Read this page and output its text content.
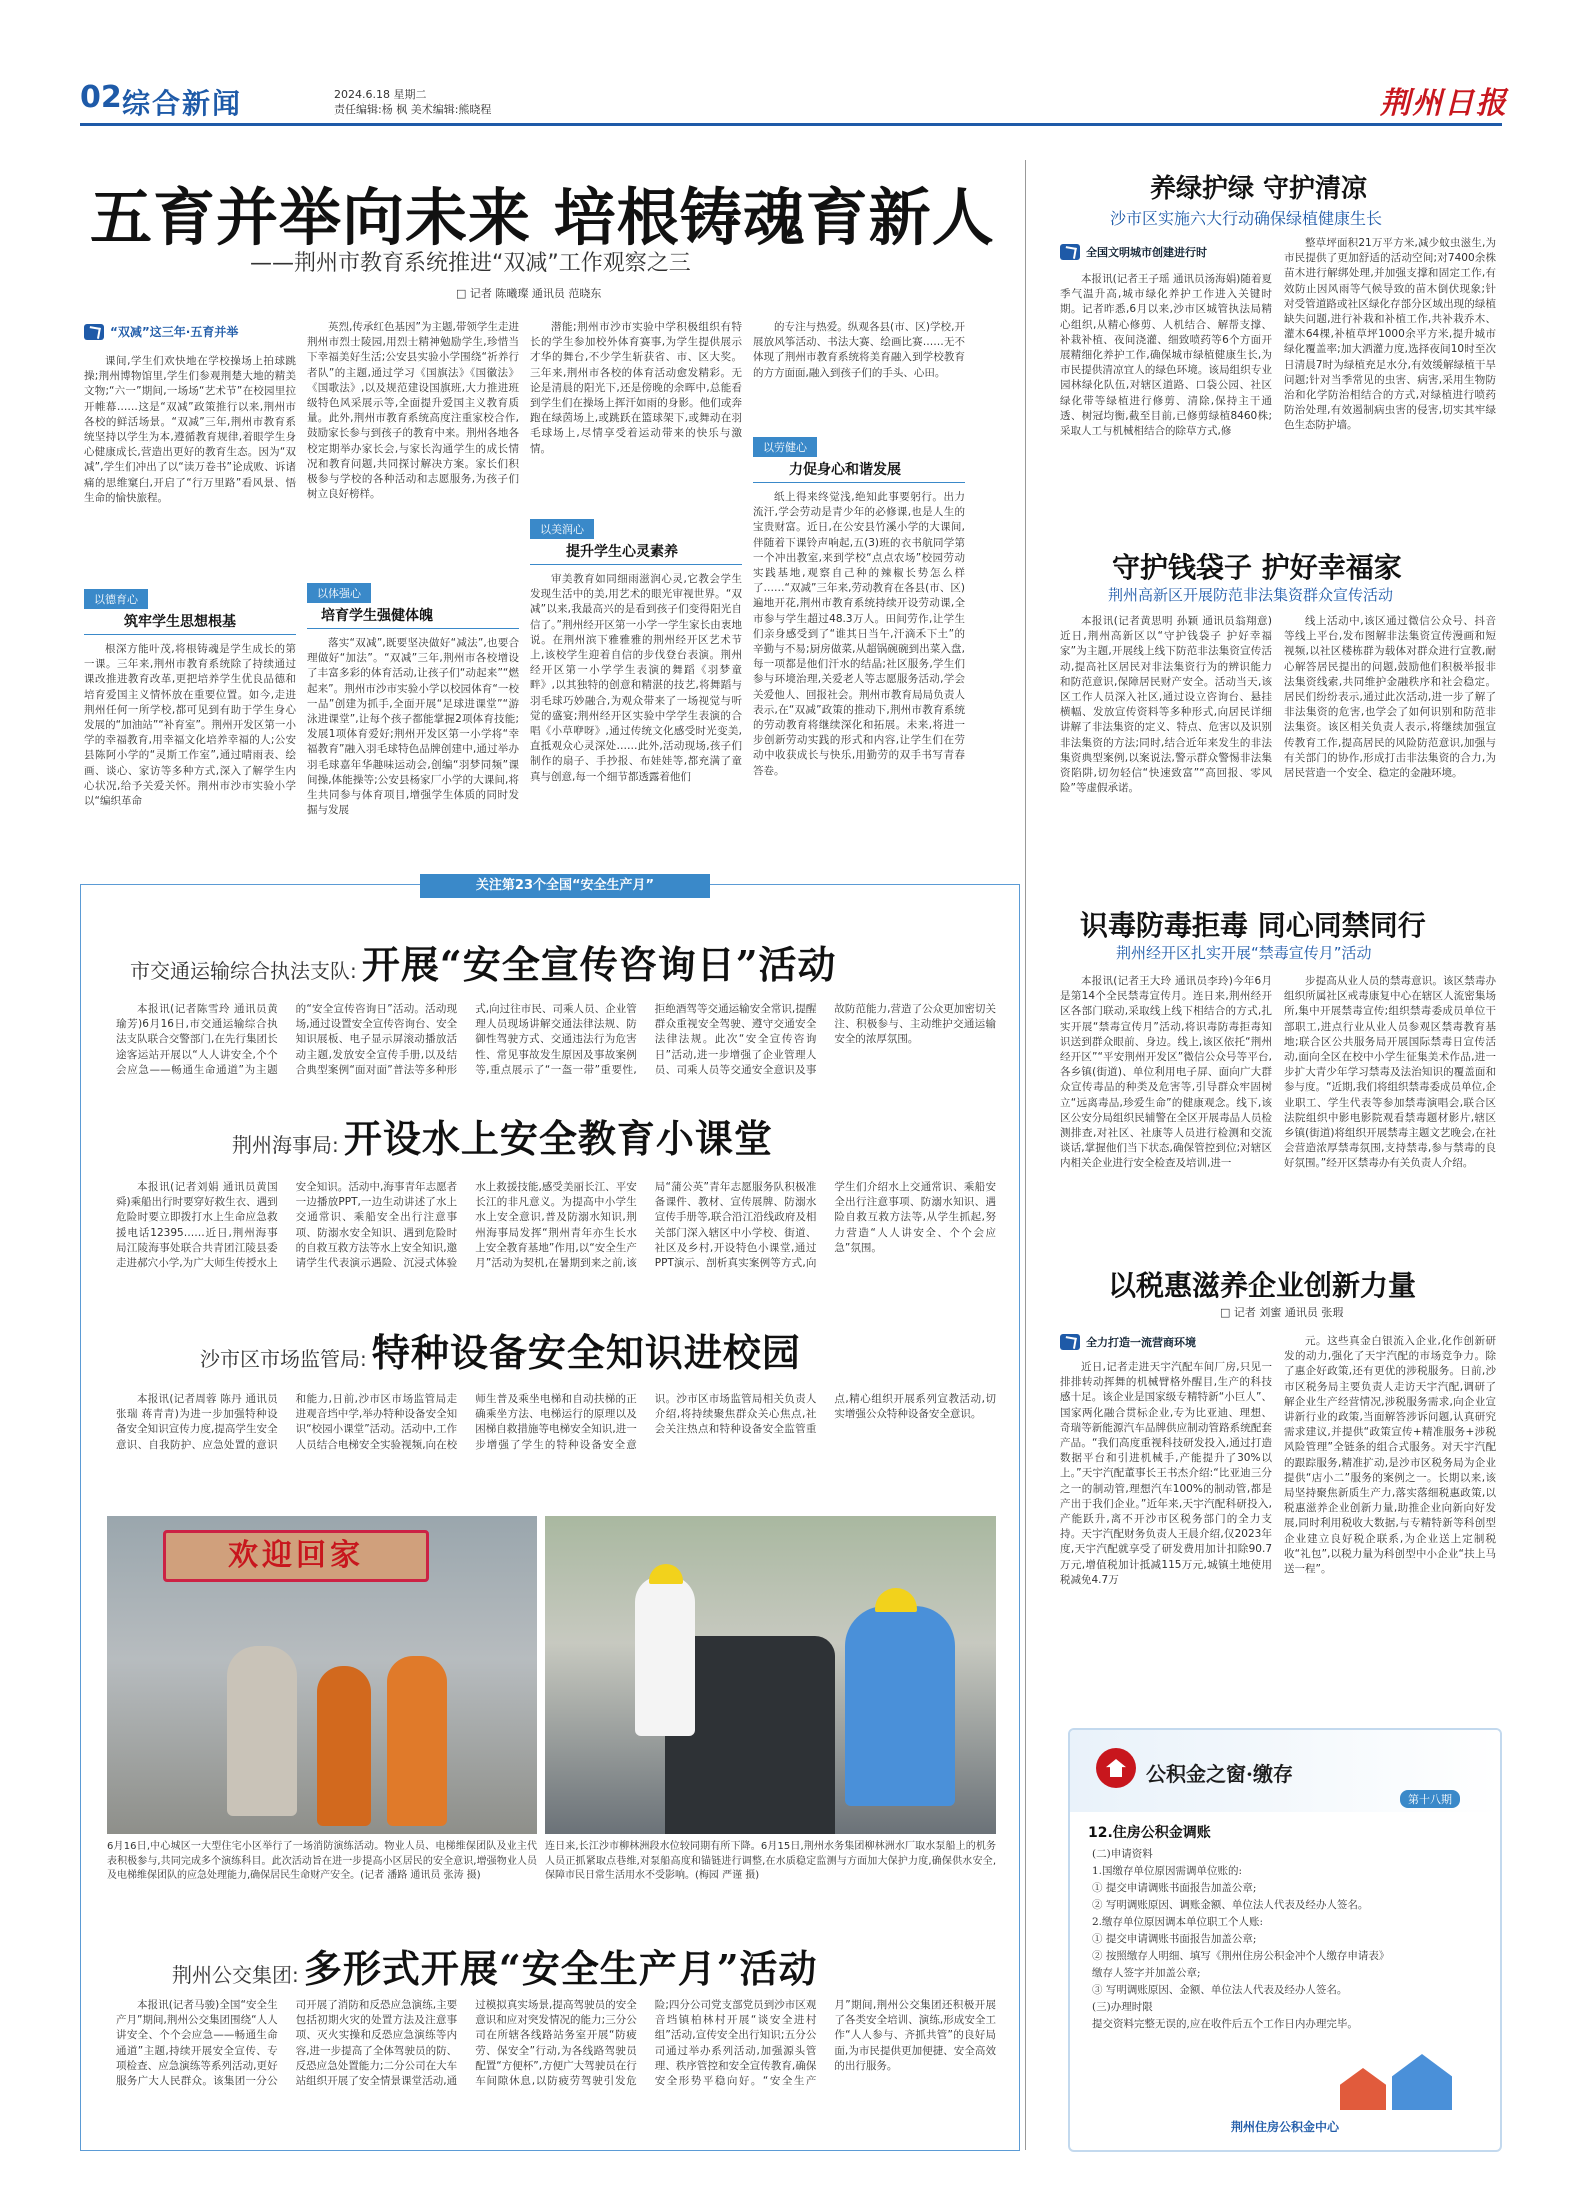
02 综合新闻	2024.6.18 星期二
责任编辑:杨 枫 美术编辑:熊晓程	荆州日报
五育并举向未来 培根铸魂育新人
——荆州市教育系统推进“双减”工作观察之三
□ 记者 陈曦璨 通讯员 范晓东
“双减”这三年·五育并举

课间,学生们欢快地在学校操场上拍球跳操;荆州博物馆里,学生们参观荆楚大地的精美文物;“六一”期间,一场场“艺术节”在校园里拉开帷幕……这是“双减”政策推行以来,荆州市各校的鲜活场景。“双减”三年,荆州市教育系统坚持以学生为本,遵循教育规律,着眼学生身心健康成长,营造出更好的教育生态。因为“双减”,学生们冲出了以“读万卷书”论成败、诉诸痛的思维窠臼,开启了“行万里路”看风景、悟生命的愉快旅程。

以德育心
筑牢学生思想根基

根深方能叶茂,将根铸魂是学生成长的第一课。三年来,荆州市教育系统除了持续通过课改推进教育改革,更把培养学生优良品德和培育爱国主义情怀放在重要位置。如今,走进荆州任何一所学校,都可见到有助于学生身心发展的“加油站”“补育室”。荆州开发区第一小学的幸福教育,用幸福文化培养幸福的人;公安县陈阿小学的“灵斯工作室”,通过晴雨表、绘画、谈心、家访等多种方式,深入了解学生内心状况,给予关爱关怀。荆州市沙市实验小学以“编织革命

英烈,传承红色基因”为主题,带领学生走进荆州市烈士陵园,用烈士精神勉励学生,珍惜当下幸福美好生活;公安县实验小学围绕“祈养行者队”的主题,通过学习《国旗法》《国徽法》《国歌法》,以及规范建设国旗班,大力推进班级特色风采展示等,全面提升爱国主义教育质量。此外,荆州市教育系统高度注重家校合作,鼓励家长参与到孩子的教育中来。荆州各地各校定期举办家长会,与家长沟通学生的成长情况和教育问题,共同探讨解决方案。家长们积极参与学校的各种活动和志愿服务,为孩子们树立良好榜样。

以体强心
培育学生强健体魄

落实“双减”,既要坚决做好“减法”,也要合理做好“加法”。“双减”三年,荆州市各校增设了丰富多彩的体育活动,让孩子们“动起来”“燃起来”。荆州市沙市实验小学以校园体育“一校一品”创建为抓手,全面开展“足球进课堂”“游泳进课堂”,让每个孩子都能掌握2项体育技能;发展1项体育爱好;荆州开发区第一小学将“幸福教育”融入羽毛球特色品牌创建中,通过举办羽毛球嘉年华趣味运动会,创编“羽梦同频”课间操,体能操等;公安县杨家厂小学的大课间,将生共同参与体育项目,增强学生体质的同时发掘与发展

潜能;荆州市沙市实验中学积极组织有特长的学生参加校外体育赛事,为学生提供展示才华的舞台,不少学生斩获省、市、区大奖。三年来,荆州市各校的体育活动愈发精彩。无论是清晨的阳光下,还是傍晚的余晖中,总能看到学生们在操场上挥汗如雨的身影。他们或奔跑在绿茵场上,或跳跃在篮球架下,或舞动在羽毛球场上,尽情享受着运动带来的快乐与激情。

以美润心
提升学生心灵素养

审美教育如同细雨滋润心灵,它教会学生发现生活中的美,用艺术的眼光审视世界。“双减”以来,我最高兴的是看到孩子们变得阳光自信了。”荆州经开区第一小学一学生家长由衷地说。在荆州滨下雅雅雅的荆州经开区艺术节上,该校学生迎着自信的步伐登台表演。荆州经开区第一小学学生表演的舞蹈《羽梦童畔》,以其独特的创意和精湛的技艺,将舞蹈与羽毛球巧妙融合,为观众带来了一场视觉与听觉的盛宴;荆州经开区实验中学学生表演的合唱《小草咿呀》,通过传统文化感受时光变美,直抵观众心灵深处……此外,活动现场,孩子们制作的扇子、手抄报、布娃娃等,都充满了童真与创意,每一个细节都透露着他们

的专注与热爱。纵观各县(市、区)学校,开展放风筝活动、书法大赛、绘画比赛……无不体现了荆州市教育系统将美育融入到学校教育的方方面面,融入到孩子们的手头、心田。

以劳健心
力促身心和谐发展

纸上得来终觉浅,绝知此事要躬行。出力流汗,学会劳动是青少年的必修课,也是人生的宝贵财富。近日,在公安县竹溪小学的大课间,伴随着下课铃声响起,五(3)班的衣书航同学第一个冲出教室,来到学校“点点农场”校园劳动实践基地,观察自己种的辣椒长势怎么样了……“双减”三年来,劳动教育在各县(市、区)遍地开花,荆州市教育系统持续开设劳动课,全市参与学生超过48.3万人。田间劳作,让学生们亲身感受到了“谁其日当午,汗滴禾下土”的辛勤与不易;厨房做菜,从超锅碗碗到出菜入盘,每一项都是他们汗水的结晶;社区服务,学生们参与环境治理,关爱老人等志愿服务活动,学会关爱他人、回报社会。荆州市教育局局负责人表示,在“双减”政策的推动下,荆州市教育系统的劳动教育将继续深化和拓展。未来,将进一步创新劳动实践的形式和内容,让学生们在劳动中收获成长与快乐,用勤劳的双手书写青春答卷。

关注第23个全国“安全生产月”
市交通运输综合执法支队: 开展“安全宣传咨询日”活动

本报讯(记者陈雪玲 通讯员黄瑜芳)6月16日,市交通运输综合执法支队联合交警部门,在先行集团长途客运站开展以“人人讲安全,个个会应急——畅通生命通道”为主题的“安全宣传咨询日”活动。活动现场,通过设置安全宣传咨询台、安全知识展板、电子显示屏滚动播放活动主题,发放安全宣传手册,以及结合典型案例“面对面”普法等多种形式,向过往市民、司乘人员、企业管理人员现场讲解交通法律法规、防御性驾驶方式、交通违法行为危害性、常见事故发生原因及事故案例等,重点展示了“一盔一带”重要性,拒绝酒驾等交通运输安全常识,提醒群众重视安全驾驶、遵守交通安全法律法规。此次“安全宣传咨询日”活动,进一步增强了企业管理人员、司乘人员等交通安全意识及事故防范能力,营造了公众更加密切关注、积极参与、主动维护交通运输安全的浓厚氛围。

荆州海事局: 开设水上安全教育小课堂

本报讯(记者刘娟 通讯员黄国舜)乘船出行时要穿好救生衣、遇到危险时要立即拨打水上生命应急救援电话12395……近日,荆州海事局江陵海事处联合共青团江陵县委走进郝穴小学,为广大师生传授水上安全知识。活动中,海事青年志愿者一边播放PPT,一边生动讲述了水上交通常识、乘船安全出行注意事项、防溺水安全知识、遇到危险时的自救互救方法等水上安全知识,邀请学生代表演示遇险、沉浸式体验水上救援技能,感受美丽长江、平安长江的非凡意义。为提高中小学生水上安全意识,普及防溺水知识,荆州海事局发挥“荆州青年亦生长水上安全教育基地”作用,以“安全生产月”活动为契机,在暑期到来之前,该局“蒲公英”青年志愿服务队积极准备课件、教材、宣传展牌、防溺水宣传手册等,联合沿江沿线政府及相关部门深入辖区中小学校、街道、社区及乡村,开设特色小课堂,通过PPT演示、剖析真实案例等方式,向学生们介绍水上交通常识、乘船安全出行注意事项、防溺水知识、遇险自救互救方法等,从学生抓起,努力营造“人人讲安全、个个会应急”氛围。

沙市区市场监管局: 特种设备安全知识进校园

本报讯(记者周蓉 陈丹 通讯员张瑞 蒋青青)为进一步加强特种设备安全知识宣传力度,提高学生安全意识、自我防护、应急处置的意识和能力,日前,沙市区市场监管局走进观音垱中学,举办特种设备安全知识“校园小课堂”活动。活动中,工作人员结合电梯安全实验视频,向在校师生普及乘坐电梯和自动扶梯的正确乘坐方法、电梯运行的原理以及困梯自救措施等电梯安全知识,进一步增强了学生的特种设备安全意识。沙市区市场监管局相关负责人介绍,将持续聚焦群众关心焦点,社会关注热点和特种设备安全监管重点,精心组织开展系列宣教活动,切实增强公众特种设备安全意识。

欢迎回家
6月16日,中心城区一大型住宅小区举行了一场消防演练活动。物业人员、电梯维保团队及业主代表积极参与,共同完成多个演练科目。此次活动旨在进一步提高小区居民的安全意识,增强物业人员及电梯维保团队的应急处理能力,确保居民生命财产安全。(记者 潘路 通讯员 张涛 摄)
连日来,长江沙市柳林洲段水位较同期有所下降。6月15日,荆州水务集团柳林洲水厂取水泵船上的机务人员正抓紧取点巷维,对泵船高度和锚链进行调整,在水质稳定监测与方面加大保护力度,确保供水安全,保障市民日常生活用水不受影响。(梅园 严谨 摄)
荆州公交集团: 多形式开展“安全生产月”活动

本报讯(记者马骏)全国“安全生产月”期间,荆州公交集团围绕“人人讲安全、个个会应急——畅通生命通道”主题,持续开展安全宣传、专项检查、应急演练等系列活动,更好服务广大人民群众。该集团一分公司开展了消防和反恐应急演练,主要包括初期火灾的处置方法及注意事项、灭火实操和反恐应急演练等内容,进一步提高了全体驾驶员的防、反恐应急处置能力;二分公司在大车站组织开展了安全情景课堂活动,通过模拟真实场景,提高驾驶员的安全意识和应对突发情况的能力;三分公司在所辖各线路站务室开展“防疲劳、保安全”行动,为各线路驾驶员配置“方便杯”,方便广大驾驶员在行车间隙休息,以防疲劳驾驶引发危险;四分公司党支部党员到沙市区观音垱镇柏林村开展“谈安全进村组”活动,宣传安全出行知识;五分公司通过举办系列活动,加强源头管理、秩序管控和安全宣传教育,确保安全形势平稳向好。“安全生产月”期间,荆州公交集团还积极开展了各类安全培训、演练,形成安全工作“人人参与、齐抓共管”的良好局面,为市民提供更加便捷、安全高效的出行服务。

养绿护绿 守护清凉
沙市区实施六大行动确保绿植健康生长
全国文明城市创建进行时

本报讯(记者王子瑶 通讯员汤海娟)随着夏季气温升高,城市绿化养护工作进入关键时期。记者昨悉,6月以来,沙市区城管执法局精心组织,从精心修剪、人机结合、解帮支撑、补栽补植、夜间浇灌、细致喷药等6个方面开展精细化养护工作,确保城市绿植健康生长,为市民提供清凉宜人的绿色环境。该局组织专业园林绿化队伍,对辖区道路、口袋公园、社区绿化带等绿植进行修剪、清除,保持主干通透、树冠均衡,截至目前,已修剪绿植8460株;采取人工与机械相结合的除草方式,修

整草坪面积21万平方米,减少蚊虫滋生,为市民提供了更加舒适的活动空间;对7400余株苗木进行解绑处理,并加强支撑和固定工作,有效防止因风雨等气候导致的苗木倒伏现象;针对受管道路或社区绿化存部分区域出现的绿植缺失问题,进行补栽和补植工作,共补栽乔木、灌木64棵,补植草坪1000余平方米,提升城市绿化覆盖率;加大洒灌力度,选择夜间10时至次日清晨7时为绿植充足水分,有效缓解绿植干旱问题;针对当季常见的虫害、病害,采用生物防治和化学防治相结合的方式,对绿植进行喷药防治处理,有效遏制病虫害的侵害,切实其牢绿色生态防护墙。

守护钱袋子 护好幸福家
荆州高新区开展防范非法集资群众宣传活动

本报讯(记者黄思明 孙颖 通讯员翁翔意)近日,荆州高新区以“守护钱袋子 护好幸福家”为主题,开展线上线下防范非法集资宣传活动,提高社区居民对非法集资行为的辨识能力和防范意识,保障居民财产安全。活动当天,该区工作人员深入社区,通过设立咨询台、悬挂横幅、发放宣传资料等多种形式,向居民详细讲解了非法集资的定义、特点、危害以及识别非法集资的方法;同时,结合近年来发生的非法集资典型案例,以案说法,警示群众警惕非法集资陷阱,切勿轻信“快速致富”“高回报、零风险”等虚假承诺。

线上活动中,该区通过微信公众号、抖音等线上平台,发布图解非法集资宣传漫画和短视频,以社区楼栋群为载体对群众进行宣教,耐心解答居民提出的问题,鼓励他们积极举报非法集资线索,共同维护金融秩序和社会稳定。居民们纷纷表示,通过此次活动,进一步了解了非法集资的危害,也学会了如何识别和防范非法集资。该区相关负责人表示,将继续加强宣传教育工作,提高居民的风险防范意识,加强与有关部门的协作,形成打击非法集资的合力,为居民营造一个安全、稳定的金融环境。

识毒防毒拒毒 同心同禁同行
荆州经开区扎实开展“禁毒宣传月”活动

本报讯(记者王大玲 通讯员李玲)今年6月是第14个全民禁毒宣传月。连日来,荆州经开区各部门联动,采取线上线下相结合的方式,扎实开展“禁毒宣传月”活动,将识毒防毒拒毒知识送到群众眼前、身边。线上,该区依托“荆州经开区”“平安荆州开发区”微信公众号等平台,各乡镇(街道)、单位利用电子屏、面向广大群众宣传毒品的种类及危害等,引导群众牢固树立“远离毒品,珍爱生命”的健康观念。线下,该区公安分局组织民辅警在全区开展毒品人员检测排查,对社区、社康等人员进行检测和交流谈话,掌握他们当下状态,确保管控到位;对辖区内相关企业进行安全检查及培训,进一

步提高从业人员的禁毒意识。该区禁毒办组织所属社区戒毒康复中心在辖区人流密集场所,集中开展禁毒宣传;组织禁毒委成员单位干部职工,进点行业从业人员参观区禁毒教育基地;联合区公共服务局开展国际禁毒日宣传活动,面向全区在校中小学生征集美术作品,进一步扩大青少年学习禁毒及法治知识的覆盖面和参与度。“近期,我们将组织禁毒委成员单位,企业职工、学生代表等参加禁毒演唱会,联合区法院组织中影电影院观看禁毒题材影片,辖区乡镇(街道)将组织开展禁毒主题文艺晚会,在社会营造浓厚禁毒氛围,支持禁毒,参与禁毒的良好氛围。”经开区禁毒办有关负责人介绍。

以税惠滋养企业创新力量
□ 记者 刘蜜 通讯员 张瑕
全力打造一流营商环境

近日,记者走进天宇汽配车间厂房,只见一排排转动挥舞的机械臂格外醒目,生产的科技感十足。该企业是国家级专精特新“小巨人”、国家两化融合贯标企业,专为比亚迪、理想、奇瑞等新能源汽车品牌供应制动管路系统配套产品。“我们高度重视科技研发投入,通过打造数据平台和引进机械手,产能提升了30%以上。”天宇汽配董事长王书杰介绍:“比亚迪三分之一的制动管,理想汽车100%的制动管,都是产出于我们企业。”近年来,天宇汽配科研投入,产能跃升,离不开沙市区税务部门的全力支持。天宇汽配财务负责人王晨介绍,仅2023年度,天宇汽配就享受了研发费用加计扣除90.7万元,增值税加计抵减115万元,城镇土地使用税减免4.7万

元。这些真金白银流入企业,化作创新研发的动力,强化了天宇汽配的市场竞争力。除了惠企好政策,还有更优的涉税服务。日前,沙市区税务局主要负责人走访天宇汽配,调研了解企业生产经营情况,涉税服务需求,向企业宣讲新行业的政策,当面解答涉诉问题,认真研究需求建议,并提供“政策宣传+精准服务+涉税风险管理”全链条的组合式服务。对天宇汽配的跟踪服务,精准扩动,是沙市区税务局为企业提供“店小二”服务的案例之一。长期以来,该局坚持聚焦新质生产力,落实落细税惠政策,以税惠滋养企业创新力量,助推企业向新向好发展,同时利用税收大数据,与专精特新等科创型企业建立良好税企联系,为企业送上定制税收“礼包”,以税力量为科创型中小企业“扶上马送一程”。

公积金之窗·缴存
第十八期
12.住房公积金调账
(二)申请资料
1.国缴存单位原因需调单位账的:
① 提交申请调账书面报告加盖公章;
② 写明调账原因、调账金额、单位法人代表及经办人签名。
2.缴存单位原因调本单位职工个人账:
① 提交申请调账书面报告加盖公章;
② 按照缴存人明细、填写《荆州住房公积金冲个人缴存申请表》
缴存人签字并加盖公章;
③ 写明调账原因、金额、单位法人代表及经办人签名。
(三)办理时限
提交资料完整无误的,应在收件后五个工作日内办理完毕。
荆州住房公积金中心
